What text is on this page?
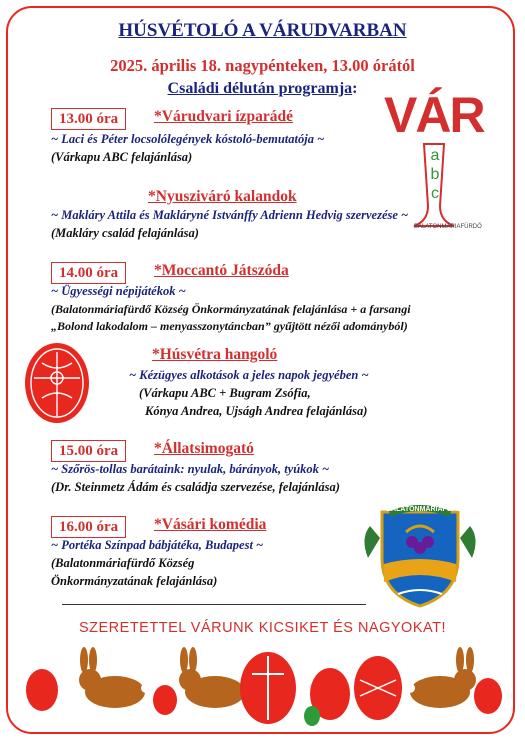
HÚSVÉTOLÓ A VÁRUDVARBAN
2025. április 18. nagypénteken, 13.00 órától
Családi délután programja: VÁR
abc
BALATONMÁRIAFÜRDŐ
13.00 óra	*Várudvari ízparádé
~ Laci és Péter locsolólegények kóstoló-bemutatója ~
(Várkapu ABC felajánlása)
*Nyusziváró kalandok
~ Makláry Attila és Makláryné Istvánffy Adrienn Hedvig szervezése ~
(Makláry család felajánlása)
14.00 óra	*Moccantó Játszóda
~ Ügyességi népijátékok ~
(Balatonmáriafürdő Község Önkormányzatának felajánlása + a farsangi
„Bolond lakodalom – menyasszonytáncban” gyűjtött nézői adományból)
*Húsvétra hangoló
~ Kézügyes alkotások a jeles napok jegyében ~
(Várkapu ABC + Bugram Zsófia,
Kónya Andrea, Ujságh Andrea felajánlása)
15.00 óra	*Állatsimogató
~ Szőrös-tollas barátaink: nyulak, bárányok, tyúkok ~
(Dr. Steinmetz Ádám és családja szervezése, felajánlása)
16.00 óra	*Vásári komédia
~ Portéka Színpad bábjátéka, Budapest ~
(Balatonmáriafürdő Község
Önkormányzatának felajánlása)
BALATONMÁRIAFÜRDŐ
SZERETETTEL VÁRUNK KICSIKET ÉS NAGYOKAT!
